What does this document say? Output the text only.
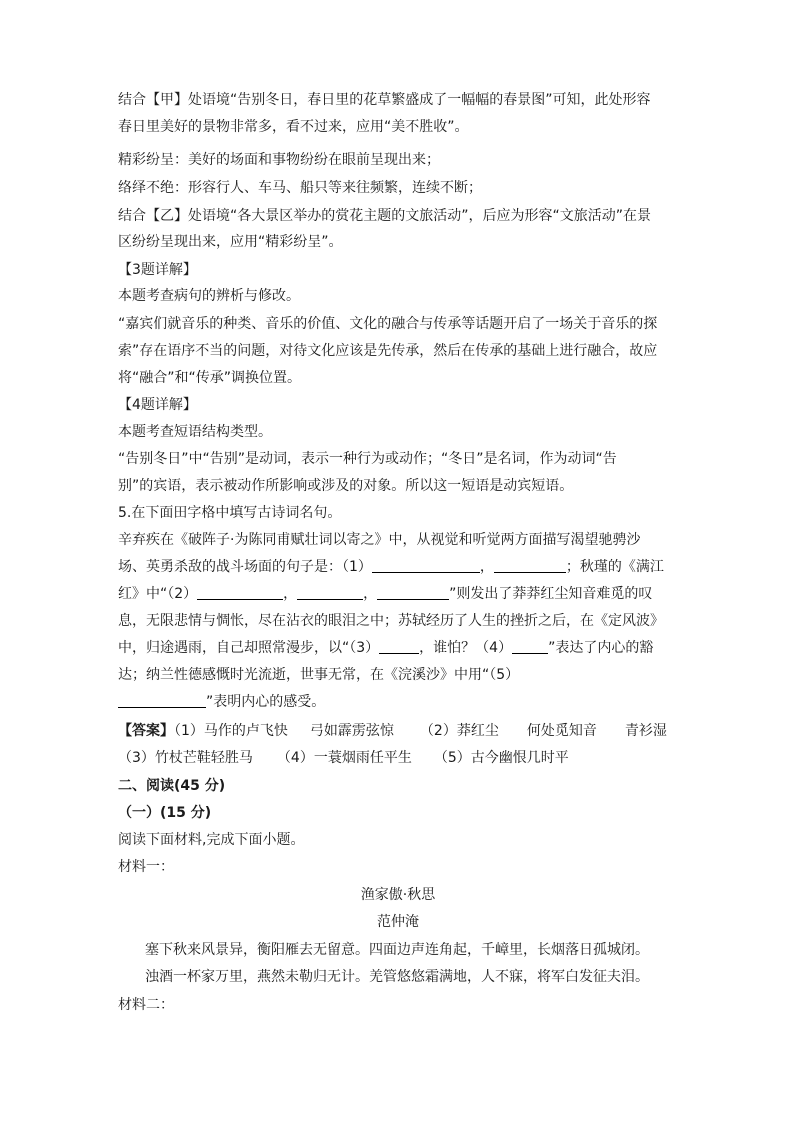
结合【甲】处语境“告别冬日，春日里的花草繁盛成了一幅幅的春景图”可知，此处形容
春日里美好的景物非常多，看不过来，应用“美不胜收”。
精彩纷呈：美好的场面和事物纷纷在眼前呈现出来；
络绎不绝：形容行人、车马、船只等来往频繁，连续不断；
结合【乙】处语境“各大景区举办的赏花主题的文旅活动”，后应为形容“文旅活动”在景
区纷纷呈现出来，应用“精彩纷呈”。
【3题详解】
本题考查病句的辨析与修改。
“嘉宾们就音乐的种类、音乐的价值、文化的融合与传承等话题开启了一场关于音乐的探
索”存在语序不当的问题，对待文化应该是先传承，然后在传承的基础上进行融合，故应
将“融合”和“传承”调换位置。
【4题详解】
本题考查短语结构类型。
“告别冬日”中“告别”是动词，表示一种行为或动作；“冬日”是名词，作为动词“告
别”的宾语，表示被动作所影响或涉及的对象。所以这一短语是动宾短语。
5.在下面田字格中填写古诗词名句。
辛弃疾在《破阵子·为陈同甫赋壮词以寄之》中，从视觉和听觉两方面描写渴望驰骋沙
场、英勇杀敌的战斗场面的句子是：（1）	，	；秋瑾的《满江
红》中“（2）	，	，	”则发出了莽莽红尘知音难觅的叹
息，无限悲情与惆怅，尽在沾衣的眼泪之中；苏轼经历了人生的挫折之后，在《定风波》
中，归途遇雨，自己却照常漫步，以“（3）	，谁怕？（4）	”表达了内心的豁
达；纳兰性德感慨时光流逝，世事无常，在《浣溪沙》中用“（5）
”表明内心的感受。
【答案】（1）马作的卢飞快 弓如霹雳弦惊 （2）莽红尘 何处觅知音 青衫湿
（3）竹杖芒鞋轻胜马 （4）一蓑烟雨任平生 （5）古今幽恨几时平
二、阅读(45 分)
（一）(15 分)
阅读下面材料,完成下面小题。
材料一：
渔家傲·秋思
范仲淹
塞下秋来风景异，衡阳雁去无留意。四面边声连角起，千嶂里，长烟落日孤城闭。
浊酒一杯家万里，燕然未勒归无计。羌管悠悠霜满地，人不寐，将军白发征夫泪。
材料二：
